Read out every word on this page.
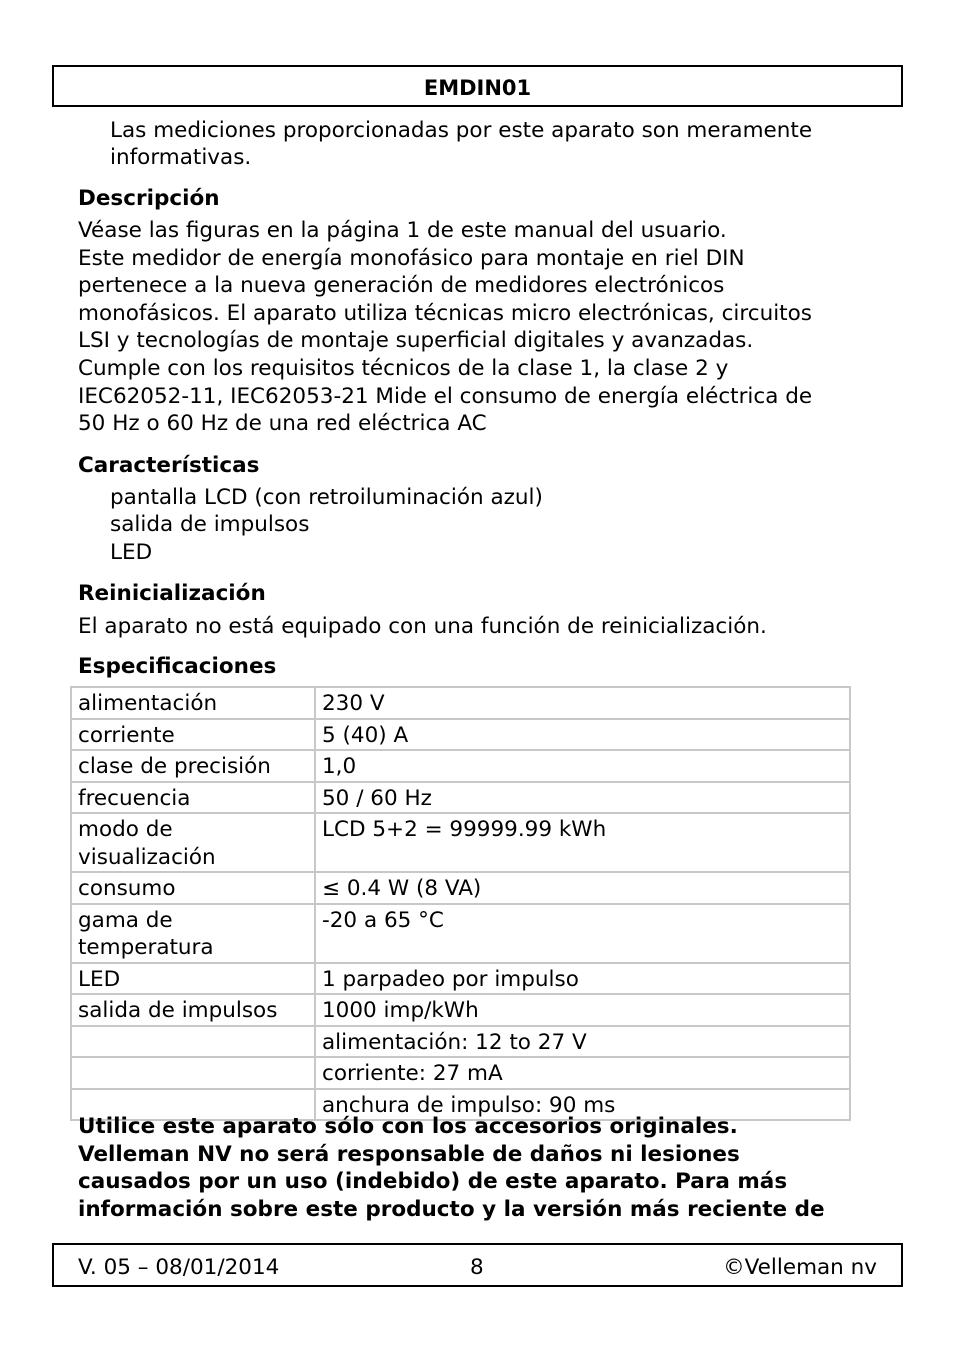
EMDIN01
Las mediciones proporcionadas por este aparato son meramente
informativas.
Descripción
Véase las figuras en la página 1 de este manual del usuario.
Este medidor de energía monofásico para montaje en riel DIN
pertenece a la nueva generación de medidores electrónicos
monofásicos. El aparato utiliza técnicas micro electrónicas, circuitos
LSI y tecnologías de montaje superficial digitales y avanzadas.
Cumple con los requisitos técnicos de la clase 1, la clase 2 y
IEC62052-11, IEC62053-21 Mide el consumo de energía eléctrica de
50 Hz o 60 Hz de una red eléctrica AC
Características
pantalla LCD (con retroiluminación azul)
salida de impulsos
LED
Reinicialización
El aparato no está equipado con una función de reinicialización.
Especificaciones
alimentación	230 V
corriente	5 (40) A
clase de precisión	1,0
frecuencia	50 / 60 Hz
modo de
visualización	LCD 5+2 = 99999.99 kWh
consumo	≤ 0.4 W (8 VA)
gama de
temperatura	-20 a 65 °C
LED	1 parpadeo por impulso
salida de impulsos	1000 imp/kWh
	alimentación: 12 to 27 V
	corriente: 27 mA
	anchura de impulso: 90 ms
Utilice este aparato sólo con los accesorios originales.
Velleman NV no será responsable de daños ni lesiones
causados por un uso (indebido) de este aparato. Para más
información sobre este producto y la versión más reciente de
V. 05 – 08/01/2014	8	©Velleman nv
